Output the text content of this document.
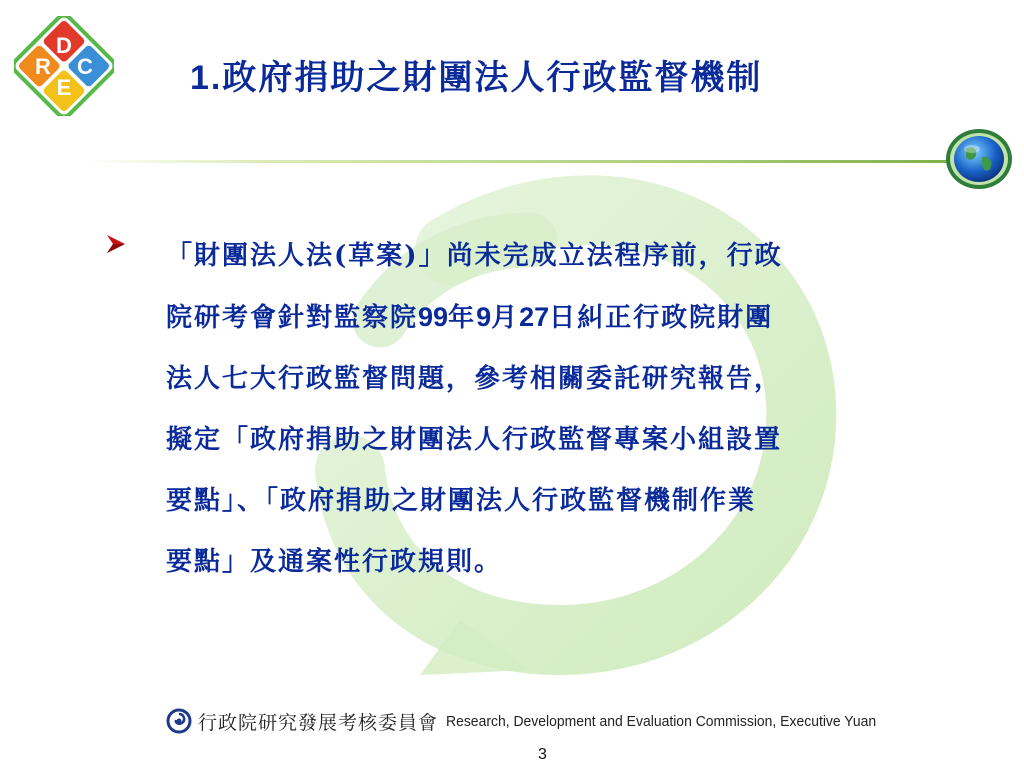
R
D
E
C	1.政府捐助之財團法人行政監督機制
「財團法人法(草案)」尚未完成立法程序前，行政
院研考會針對監察院99年9月27日糾正行政院財團
法人七大行政監督問題，參考相關委託研究報告，
擬定「政府捐助之財團法人行政監督專案小組設置
要點」、「政府捐助之財團法人行政監督機制作業
要點」及通案性行政規則。
行政院研究發展考核委員會 Research, Development and Evaluation Commission, Executive Yuan
3
